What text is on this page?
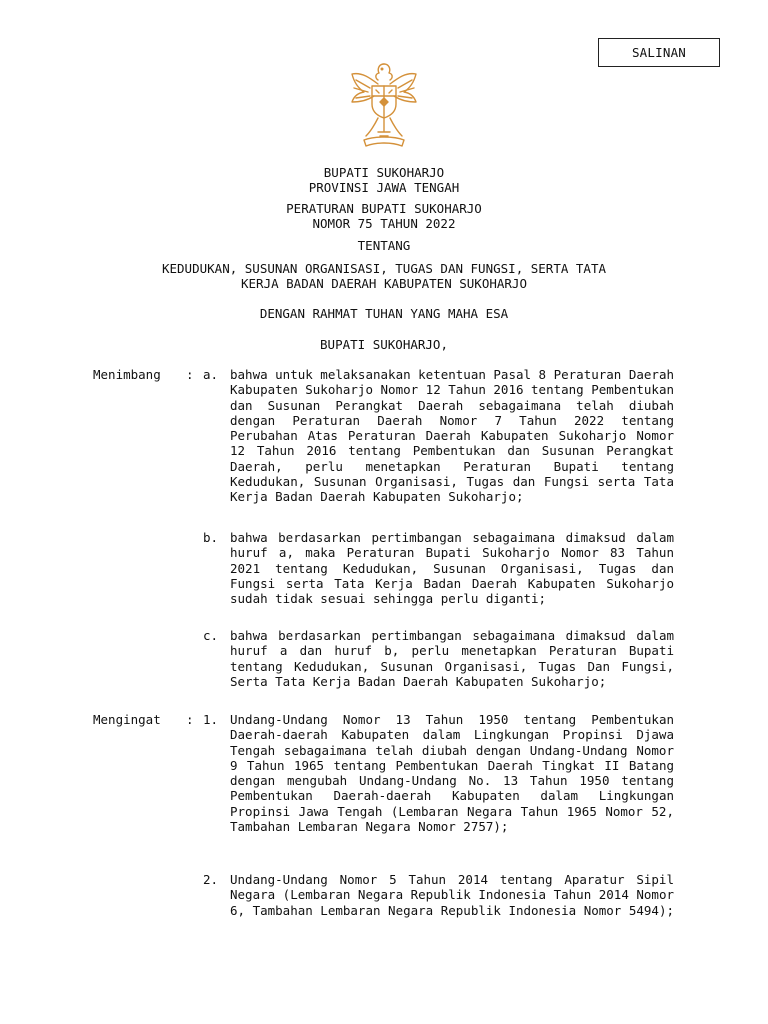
SALINAN
BUPATI SUKOHARJO
PROVINSI JAWA TENGAH
PERATURAN BUPATI SUKOHARJO
NOMOR 75 TAHUN 2022
TENTANG
KEDUDUKAN, SUSUNAN ORGANISASI, TUGAS DAN FUNGSI, SERTA TATA
KERJA BADAN DAERAH KABUPATEN SUKOHARJO
DENGAN RAHMAT TUHAN YANG MAHA ESA
BUPATI SUKOHARJO,
Menimbang : a. bahwa untuk melaksanakan ketentuan Pasal 8 Peraturan Daerah Kabupaten Sukoharjo Nomor 12 Tahun 2016 tentang Pembentukan dan Susunan Perangkat Daerah sebagaimana telah diubah dengan Peraturan Daerah Nomor 7 Tahun 2022 tentang Perubahan Atas Peraturan Daerah Kabupaten Sukoharjo Nomor 12 Tahun 2016 tentang Pembentukan dan Susunan Perangkat Daerah, perlu menetapkan Peraturan Bupati tentang Kedudukan, Susunan Organisasi, Tugas dan Fungsi serta Tata Kerja Badan Daerah Kabupaten Sukoharjo;
b. bahwa berdasarkan pertimbangan sebagaimana dimaksud dalam huruf a, maka Peraturan Bupati Sukoharjo Nomor 83 Tahun 2021 tentang Kedudukan, Susunan Organisasi, Tugas dan Fungsi serta Tata Kerja Badan Daerah Kabupaten Sukoharjo sudah tidak sesuai sehingga perlu diganti;
c. bahwa berdasarkan pertimbangan sebagaimana dimaksud dalam huruf a dan huruf b, perlu menetapkan Peraturan Bupati tentang Kedudukan, Susunan Organisasi, Tugas Dan Fungsi, Serta Tata Kerja Badan Daerah Kabupaten Sukoharjo;
Mengingat : 1. Undang-Undang Nomor 13 Tahun 1950 tentang Pembentukan Daerah-daerah Kabupaten dalam Lingkungan Propinsi Djawa Tengah sebagaimana telah diubah dengan Undang-Undang Nomor 9 Tahun 1965 tentang Pembentukan Daerah Tingkat II Batang dengan mengubah Undang-Undang No. 13 Tahun 1950 tentang Pembentukan Daerah-daerah Kabupaten dalam Lingkungan Propinsi Jawa Tengah (Lembaran Negara Tahun 1965 Nomor 52, Tambahan Lembaran Negara Nomor 2757);
2. Undang-Undang Nomor 5 Tahun 2014 tentang Aparatur Sipil Negara (Lembaran Negara Republik Indonesia Tahun 2014 Nomor 6, Tambahan Lembaran Negara Republik Indonesia Nomor 5494);
